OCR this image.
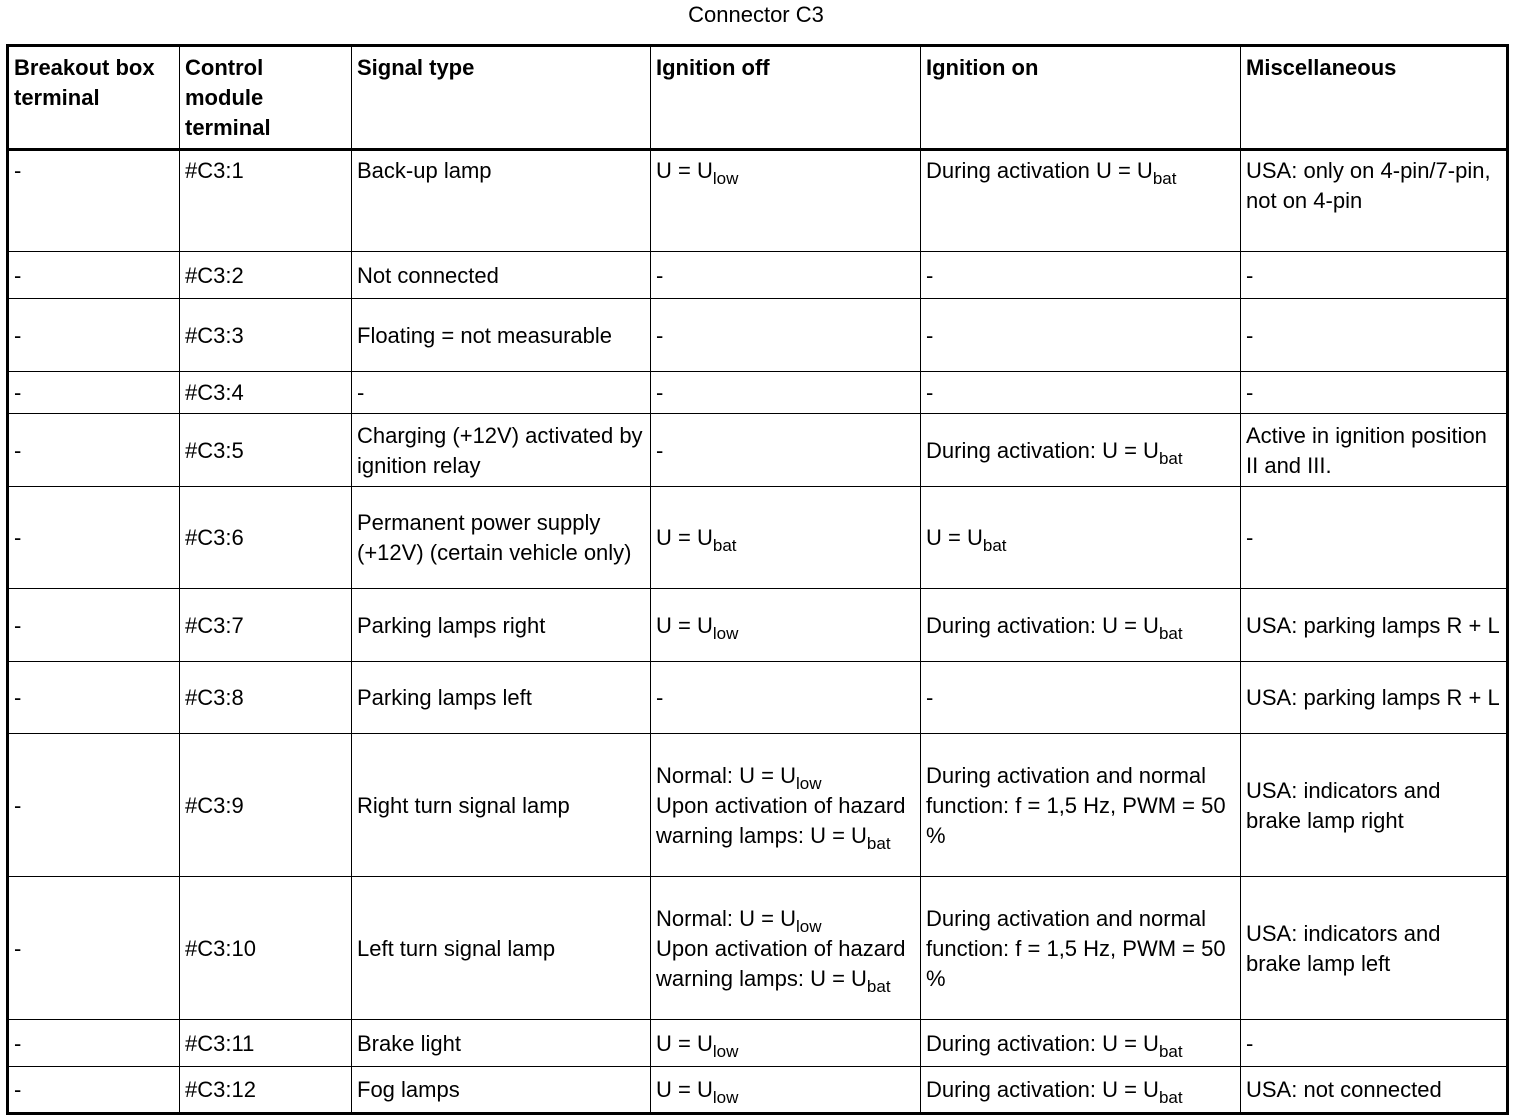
Connector C3
Breakout box terminal	Control module terminal	Signal type	Ignition off	Ignition on	Miscellaneous
-	#C3:1	Back-up lamp	$U = U_{low}$	During activation $U = U_{bat}$	USA: only on 4-pin/7-pin, not on 4-pin
-	#C3:2	Not connected	-	-	-
-	#C3:3	Floating = not measurable	-	-	-
-	#C3:4	-	-	-	-
-	#C3:5	Charging (+12V) activated by ignition relay	-	During activation: $U = U_{bat}$	Active in ignition position II and III.
-	#C3:6	Permanent power supply (+12V) (certain vehicle only)	$U = U_{bat}$	$U = U_{bat}$	-
-	#C3:7	Parking lamps right	$U = U_{low}$	During activation: $U = U_{bat}$	USA: parking lamps R + L
-	#C3:8	Parking lamps left	-	-	USA: parking lamps R + L
-	#C3:9	Right turn signal lamp	Normal: $U = U_{low}$
Upon activation of hazard warning lamps: $U = U_{bat}$	During activation and normal function: f = 1,5 Hz, PWM = 50 %	USA: indicators and brake lamp right
-	#C3:10	Left turn signal lamp	Normal: $U = U_{low}$
Upon activation of hazard warning lamps: $U = U_{bat}$	During activation and normal function: f = 1,5 Hz, PWM = 50 %	USA: indicators and brake lamp left
-	#C3:11	Brake light	$U = U_{low}$	During activation: $U = U_{bat}$	-
-	#C3:12	Fog lamps	$U = U_{low}$	During activation: $U = U_{bat}$	USA: not connected
